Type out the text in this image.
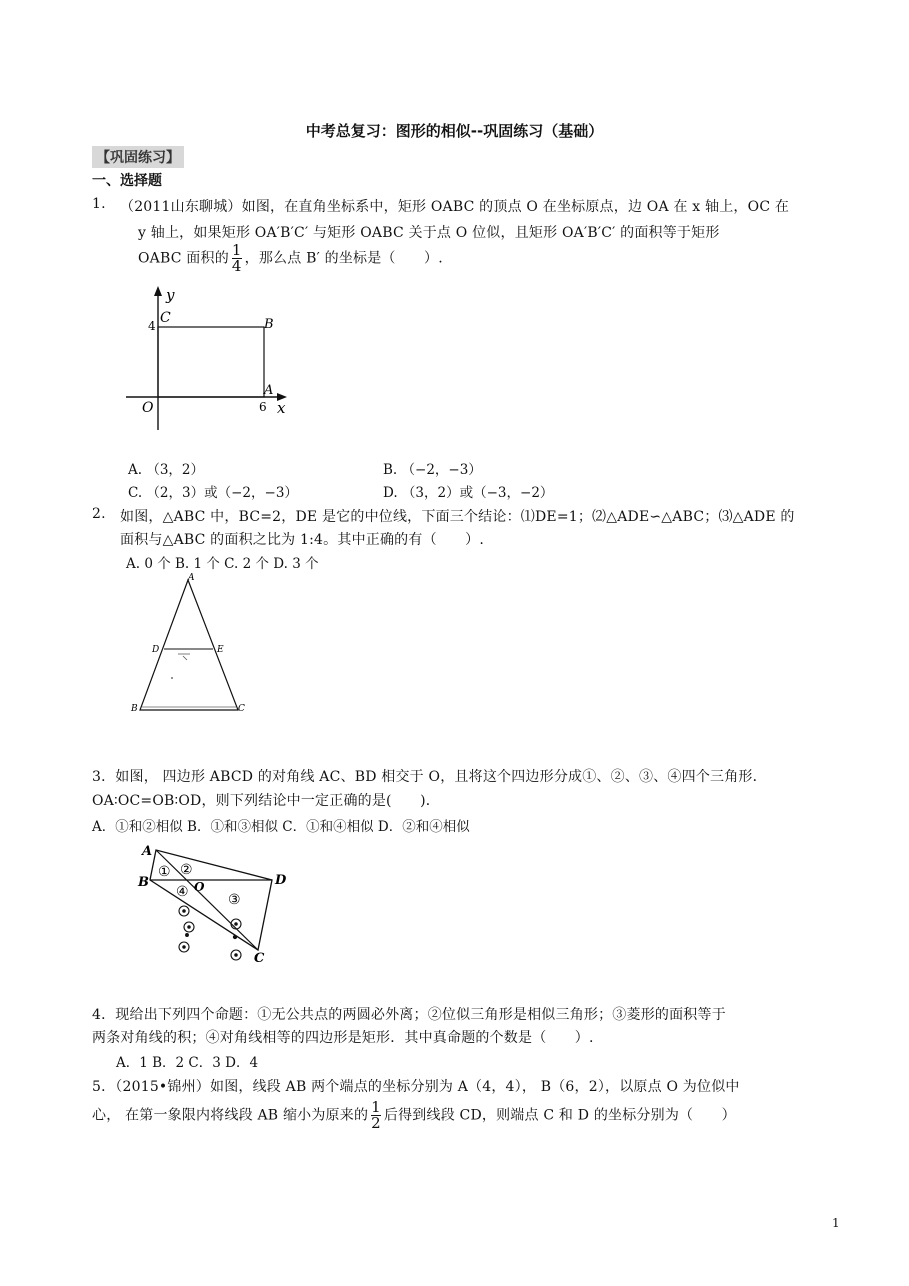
中考总复习：图形的相似--巩固练习（基础）
【巩固练习】
一、选择题
1. （2011山东聊城）如图，在直角坐标系中，矩形 OABC 的顶点 O 在坐标原点，边 OA 在 x 轴上，OC 在
y 轴上，如果矩形 OA′B′C′ 与矩形 OABC 关于点 O 位似，且矩形 OA′B′C′ 的面积等于矩形
OABC 面积的 $\frac{1}{4}$ ，那么点 B′ 的坐标是（　　）.
y
x
O
C	B
A
4
6
A. （3，2）	B. （−2，−3）
C. （2，3）或（−2，−3）	D. （3，2）或（−3，−2）
2. 如图，△ABC 中，BC=2，DE 是它的中位线，下面三个结论：⑴DE=1；⑵△ADE∽△ABC；⑶△ADE 的
面积与△ABC 的面积之比为 1:4。其中正确的有（　　）.
A. 0 个 B. 1 个 C. 2 个 D. 3 个
A
D	E
B	C
3．如图， 四边形 ABCD 的对角线 AC、BD 相交于 O，且将这个四边形分成①、②、③、④四个三角形．
OA∶OC=OB∶OD，则下列结论中一定正确的是(　　)．
A．①和②相似 B．①和③相似 C．①和④相似 D．②和④相似
A
B	D
C
O
① ②
③
④
4．现给出下列四个命题：①无公共点的两圆必外离；②位似三角形是相似三角形；③菱形的面积等于
两条对角线的积；④对角线相等的四边形是矩形．其中真命题的个数是（　　）.
A．1 B．2 C．3 D．4
5．（2015•锦州）如图，线段 AB 两个端点的坐标分别为 A（4，4）， B（6，2），以原点 O 为位似中
心， 在第一象限内将线段 AB 缩小为原来的 $\frac{1}{2}$ 后得到线段 CD，则端点 C 和 D 的坐标分别为（　　）
1
